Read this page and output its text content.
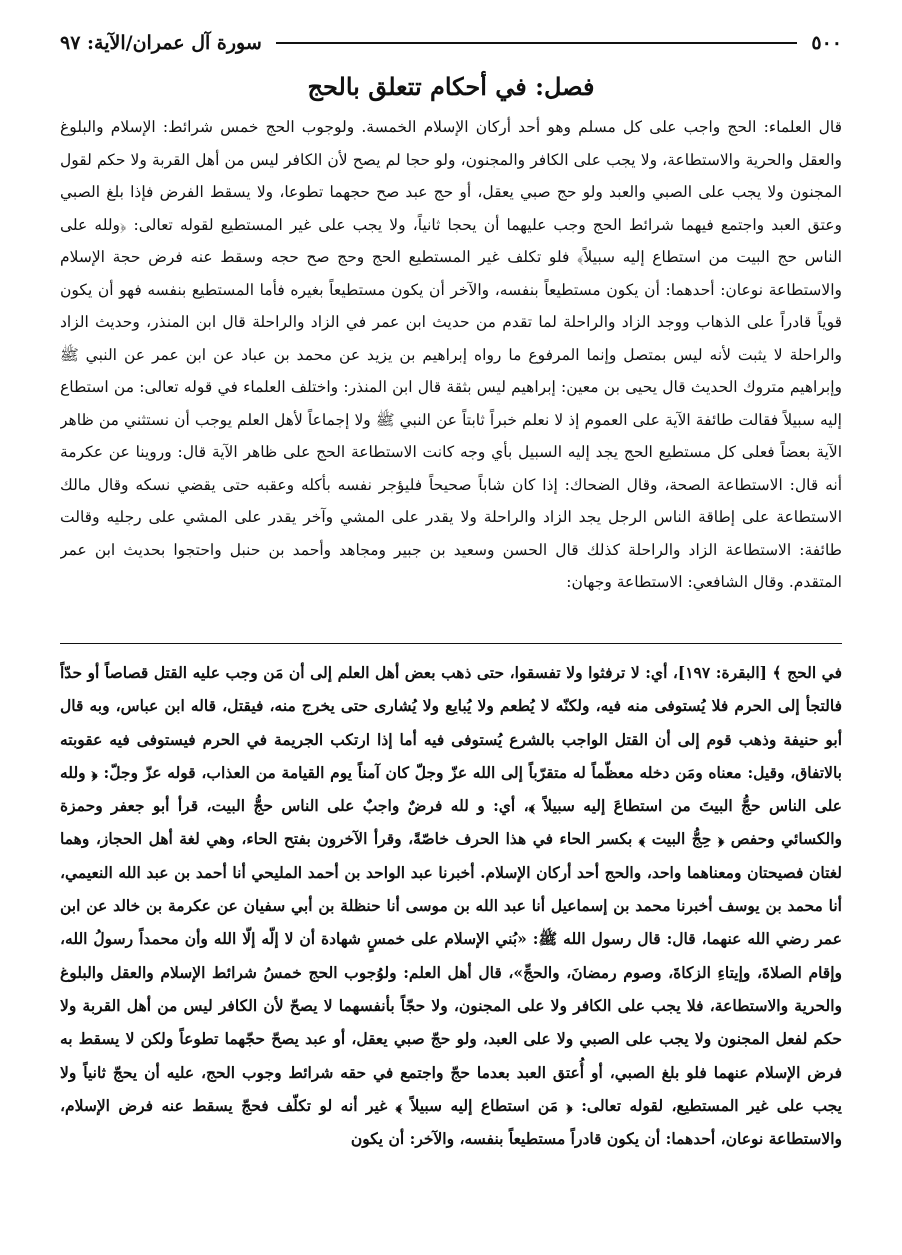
٥٠٠
سورة آل عمران/الآية: ٩٧
فصل: في أحكام تتعلق بالحج

قال العلماء: الحج واجب على كل مسلم وهو أحد أركان الإسلام الخمسة. ولوجوب الحج خمس شرائط: الإسلام والبلوغ والعقل والحرية والاستطاعة، ولا يجب على الكافر والمجنون، ولو حجا لم يصح لأن الكافر ليس من أهل القربة ولا حكم لقول المجنون ولا يجب على الصبي والعبد ولو حج صبي يعقل، أو حج عبد صح حجهما تطوعا، ولا يسقط الفرض فإذا بلغ الصبي وعتق العبد واجتمع فيهما شرائط الحج وجب عليهما أن يحجا ثانياً، ولا يجب على غير المستطيع لقوله تعالى: ﴿ولله على الناس حج البيت من استطاع إليه سبيلاً﴾ فلو تكلف غير المستطيع الحج وحج صح حجه وسقط عنه فرض حجة الإسلام والاستطاعة نوعان: أحدهما: أن يكون مستطيعاً بنفسه، والآخر أن يكون مستطيعاً بغيره فأما المستطيع بنفسه فهو أن يكون قوياً قادراً على الذهاب ووجد الزاد والراحلة لما تقدم من حديث ابن عمر في الزاد والراحلة قال ابن المنذر، وحديث الزاد والراحلة لا يثبت لأنه ليس بمتصل وإنما المرفوع ما رواه إبراهيم بن يزيد عن محمد بن عباد عن ابن عمر عن النبي ﷺ وإبراهيم متروك الحديث قال يحيى بن معين: إبراهيم ليس بثقة قال ابن المنذر: واختلف العلماء في قوله تعالى: من استطاع إليه سبيلاً فقالت طائفة الآية على العموم إذ لا نعلم خبراً ثابتاً عن النبي ﷺ ولا إجماعاً لأهل العلم يوجب أن نستثني من ظاهر الآية بعضاً فعلى كل مستطيع الحج يجد إليه السبيل بأي وجه كانت الاستطاعة الحج على ظاهر الآية قال: وروينا عن عكرمة أنه قال: الاستطاعة الصحة، وقال الضحاك: إذا كان شاباً صحيحاً فليؤجر نفسه بأكله وعقبه حتى يقضي نسكه وقال مالك الاستطاعة على إطاقة الناس الرجل يجد الزاد والراحلة ولا يقدر على المشي وآخر يقدر على المشي على رجليه وقالت طائفة: الاستطاعة الزاد والراحلة كذلك قال الحسن وسعيد بن جبير ومجاهد وأحمد بن حنبل واحتجوا بحديث ابن عمر المتقدم. وقال الشافعي: الاستطاعة وجهان:

في الحج ﴾ [البقرة: ١٩٧]، أي: لا ترفثوا ولا تفسقوا، حتى ذهب بعض أهل العلم إلى أن مَن وجب عليه القتل قصاصاً أو حدّاً فالتجأ إلى الحرم فلا يُستوفى منه فيه، ولكنّه لا يُطعم ولا يُبايع ولا يُشارى حتى يخرج منه، فيقتل، قاله ابن عباس، وبه قال أبو حنيفة وذهب قوم إلى أن القتل الواجب بالشرع يُستوفى فيه أما إذا ارتكب الجريمة في الحرم فيستوفى فيه عقوبته بالاتفاق، وقيل: معناه ومَن دخله معظّماً له متقرّباً إلى الله عزّ وجلّ كان آمناً يوم القيامة من العذاب، قوله عزّ وجلّ: ﴿ ولله على الناس حجُّ البيتَ من استطاعَ إليه سبيلاً ﴾، أي: و لله فرضٌ واجبٌ على الناس حجُّ البيت، قرأ أبو جعفر وحمزة والكسائي وحفص ﴿ حِجُّ البيت ﴾ بكسر الحاء في هذا الحرف خاصّةً، وقرأ الآخرون بفتح الحاء، وهي لغة أهل الحجاز، وهما لغتان فصيحتان ومعناهما واحد، والحج أحد أركان الإسلام. أخبرنا عبد الواحد بن أحمد المليحي أنا أحمد بن عبد الله النعيمي، أنا محمد بن يوسف أخبرنا محمد بن إسماعيل أنا عبد الله بن موسى أنا حنظلة بن أبي سفيان عن عكرمة بن خالد عن ابن عمر رضي الله عنهما، قال: قال رسول الله ﷺ: «بُني الإسلام على خمسٍ شهادة أن لا إلّه إلّا الله وأن محمداً رسولُ الله، وإقام الصلاةَ، وإيتاءِ الزكاةَ، وصوم رمضانَ، والحجِّ»، قال أهل العلم: ولوُجوب الحج خمسُ شرائط الإسلام والعقل والبلوغ والحرية والاستطاعة، فلا يجب على الكافر ولا على المجنون، ولا حجّاً بأنفسهما لا يصحّ لأن الكافر ليس من أهل القربة ولا حكم لفعل المجنون ولا يجب على الصبي ولا على العبد، ولو حجّ صبي يعقل، أو عبد يصحّ حجّهما تطوعاً ولكن لا يسقط به فرض الإسلام عنهما فلو بلغ الصبي، أو أُعتق العبد بعدما حجّ واجتمع في حقه شرائط وجوب الحج، عليه أن يحجّ ثانياً ولا يجب على غير المستطيع، لقوله تعالى: ﴿ مَن استطاع إليه سبيلاً ﴾ غير أنه لو تكلّف فحجّ يسقط عنه فرض الإسلام، والاستطاعة نوعان، أحدهما: أن يكون قادراً مستطيعاً بنفسه، والآخر: أن يكون
